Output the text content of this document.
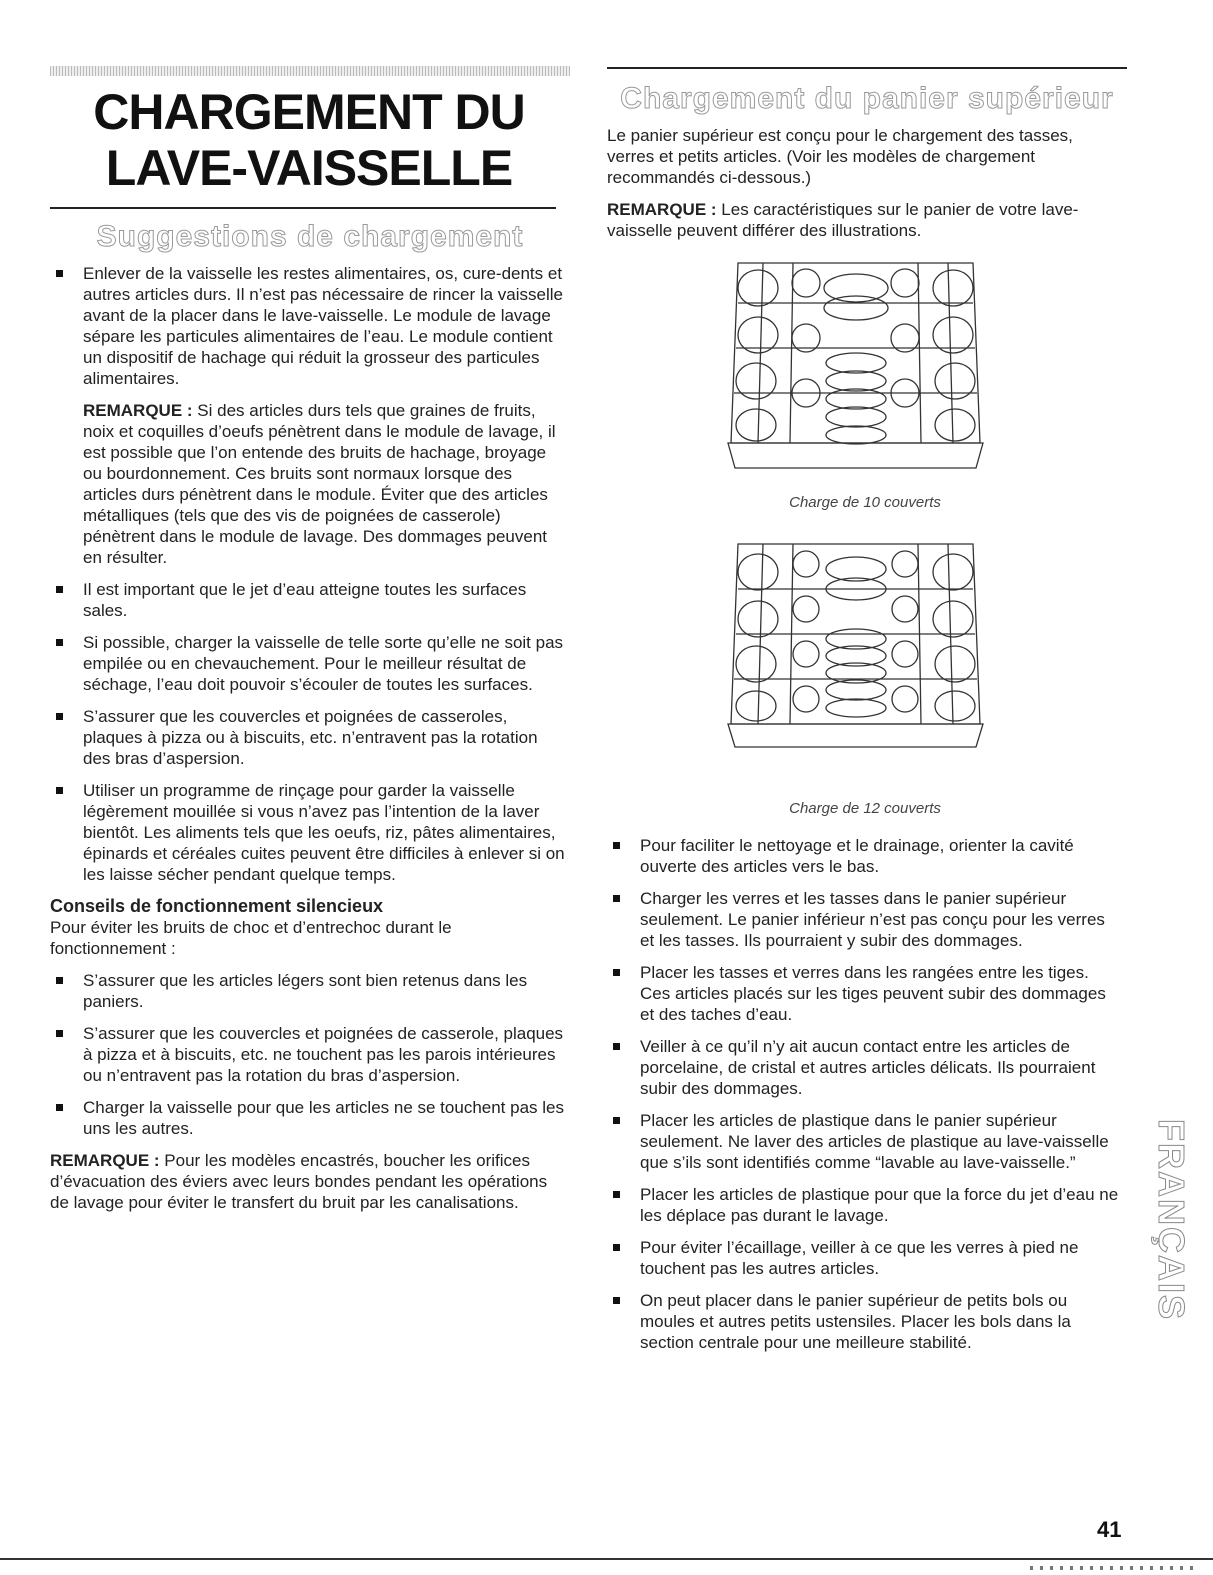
CHARGEMENT DU
LAVE-VAISSELLE
Suggestions de chargement
Enlever de la vaisselle les restes alimentaires, os, cure-dents et autres articles durs. Il n’est pas nécessaire de rincer la vaisselle avant de la placer dans le lave-vaisselle. Le module de lavage sépare les particules alimentaires de l’eau. Le module contient un dispositif de hachage qui réduit la grosseur des particules alimentaires.

REMARQUE : Si des articles durs tels que graines de fruits, noix et coquilles d’oeufs pénètrent dans le module de lavage, il est possible que l’on entende des bruits de hachage, broyage ou bourdonnement. Ces bruits sont normaux lorsque des articles durs pénètrent dans le module. Éviter que des articles métalliques (tels que des vis de poignées de casserole) pénètrent dans le module de lavage. Des dommages peuvent en résulter.

Il est important que le jet d’eau atteigne toutes les surfaces sales.
Si possible, charger la vaisselle de telle sorte qu’elle ne soit pas empilée ou en chevauchement. Pour le meilleur résultat de séchage, l’eau doit pouvoir s’écouler de toutes les surfaces.
S’assurer que les couvercles et poignées de casseroles, plaques à pizza ou à biscuits, etc. n’entravent pas la rotation des bras d’aspersion.
Utiliser un programme de rinçage pour garder la vaisselle légèrement mouillée si vous n’avez pas l’intention de la laver bientôt. Les aliments tels que les oeufs, riz, pâtes alimentaires, épinards et céréales cuites peuvent être difficiles à enlever si on les laisse sécher pendant quelque temps.

Conseils de fonctionnement silencieux

Pour éviter les bruits de choc et d’entrechoc durant le fonctionnement :

S’assurer que les articles légers sont bien retenus dans les paniers.
S’assurer que les couvercles et poignées de casserole, plaques à pizza et à biscuits, etc. ne touchent pas les parois intérieures ou n’entravent pas la rotation du bras d’aspersion.
Charger la vaisselle pour que les articles ne se touchent pas les uns les autres.

REMARQUE : Pour les modèles encastrés, boucher les orifices d’évacuation des éviers avec leurs bondes pendant les opérations de lavage pour éviter le transfert du bruit par les canalisations.

Chargement du panier supérieur

Le panier supérieur est conçu pour le chargement des tasses, verres et petits articles. (Voir les modèles de chargement recommandés ci-dessous.)

REMARQUE : Les caractéristiques sur le panier de votre lave-vaisselle peuvent différer des illustrations.

Charge de 10 couverts
Charge de 12 couverts
Pour faciliter le nettoyage et le drainage, orienter la cavité ouverte des articles vers le bas.
Charger les verres et les tasses dans le panier supérieur seulement. Le panier inférieur n’est pas conçu pour les verres et les tasses. Ils pourraient y subir des dommages.
Placer les tasses et verres dans les rangées entre les tiges. Ces articles placés sur les tiges peuvent subir des dommages et des taches d’eau.
Veiller à ce qu’il n’y ait aucun contact entre les articles de porcelaine, de cristal et autres articles délicats. Ils pourraient subir des dommages.
Placer les articles de plastique dans le panier supérieur seulement. Ne laver des articles de plastique au lave-vaisselle que s’ils sont identifiés comme “lavable au lave-vaisselle.”
Placer les articles de plastique pour que la force du jet d’eau ne les déplace pas durant le lavage.
Pour éviter l’écaillage, veiller à ce que les verres à pied ne touchent pas les autres articles.
On peut placer dans le panier supérieur de petits bols ou moules et autres petits ustensiles. Placer les bols dans la section centrale pour une meilleure stabilité.
FRANÇAIS
41
